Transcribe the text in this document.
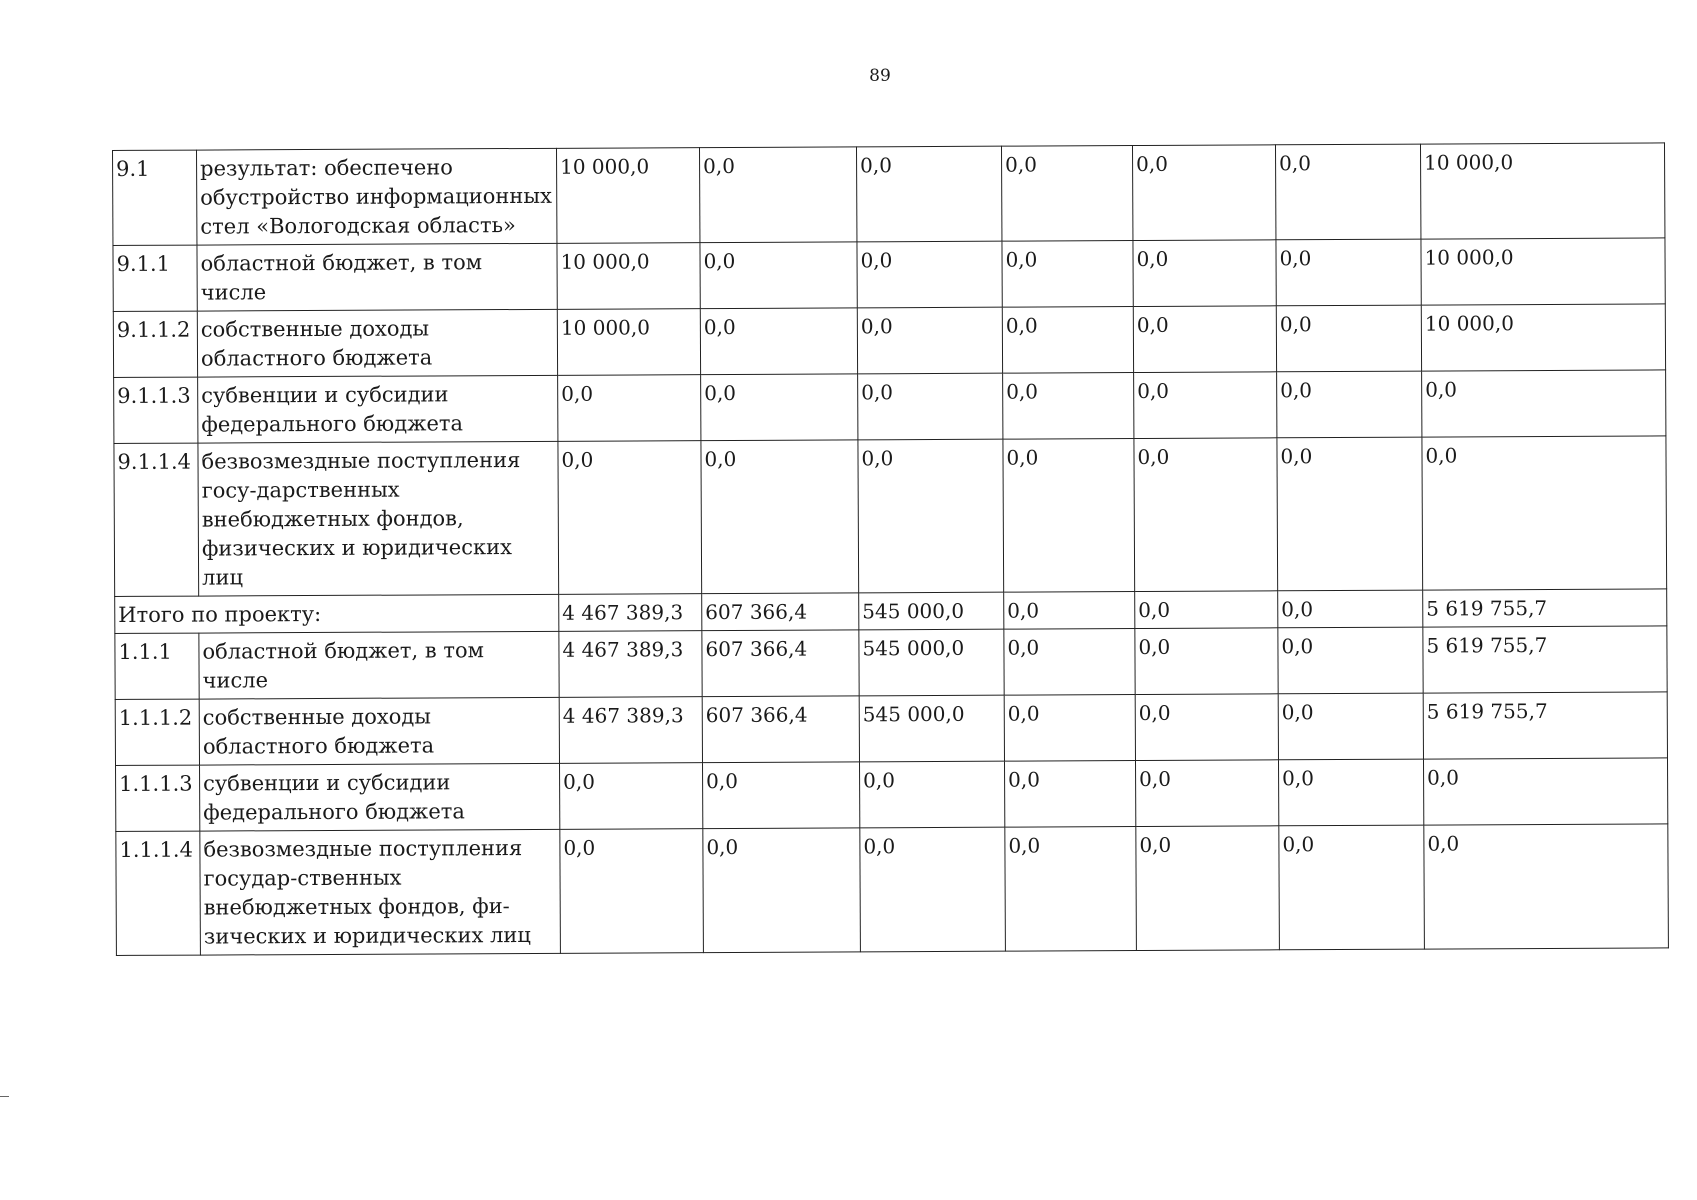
89
9.1	результат: обеспечено обустройство информационных стел «Вологодская область»	10 000,0	0,0	0,0	0,0	0,0	0,0	10 000,0
9.1.1	областной бюджет, в том числе	10 000,0	0,0	0,0	0,0	0,0	0,0	10 000,0
9.1.1.2	собственные доходы областного бюджета	10 000,0	0,0	0,0	0,0	0,0	0,0	10 000,0
9.1.1.3	субвенции и субсидии федерального бюджета	0,0	0,0	0,0	0,0	0,0	0,0	0,0
9.1.1.4	безвозмездные поступления госу-дарственных внебюджетных фондов, физических и юридических лиц	0,0	0,0	0,0	0,0	0,0	0,0	0,0
Итого по проекту:		4 467 389,3	607 366,4	545 000,0	0,0	0,0	0,0	5 619 755,7
1.1.1	областной бюджет, в том числе	4 467 389,3	607 366,4	545 000,0	0,0	0,0	0,0	5 619 755,7
1.1.1.2	собственные доходы областного бюджета	4 467 389,3	607 366,4	545 000,0	0,0	0,0	0,0	5 619 755,7
1.1.1.3	субвенции и субсидии федерального бюджета	0,0	0,0	0,0	0,0	0,0	0,0	0,0
1.1.1.4	безвозмездные поступления государ-ственных внебюджетных фондов, фи-зических и юридических лиц	0,0	0,0	0,0	0,0	0,0	0,0	0,0
